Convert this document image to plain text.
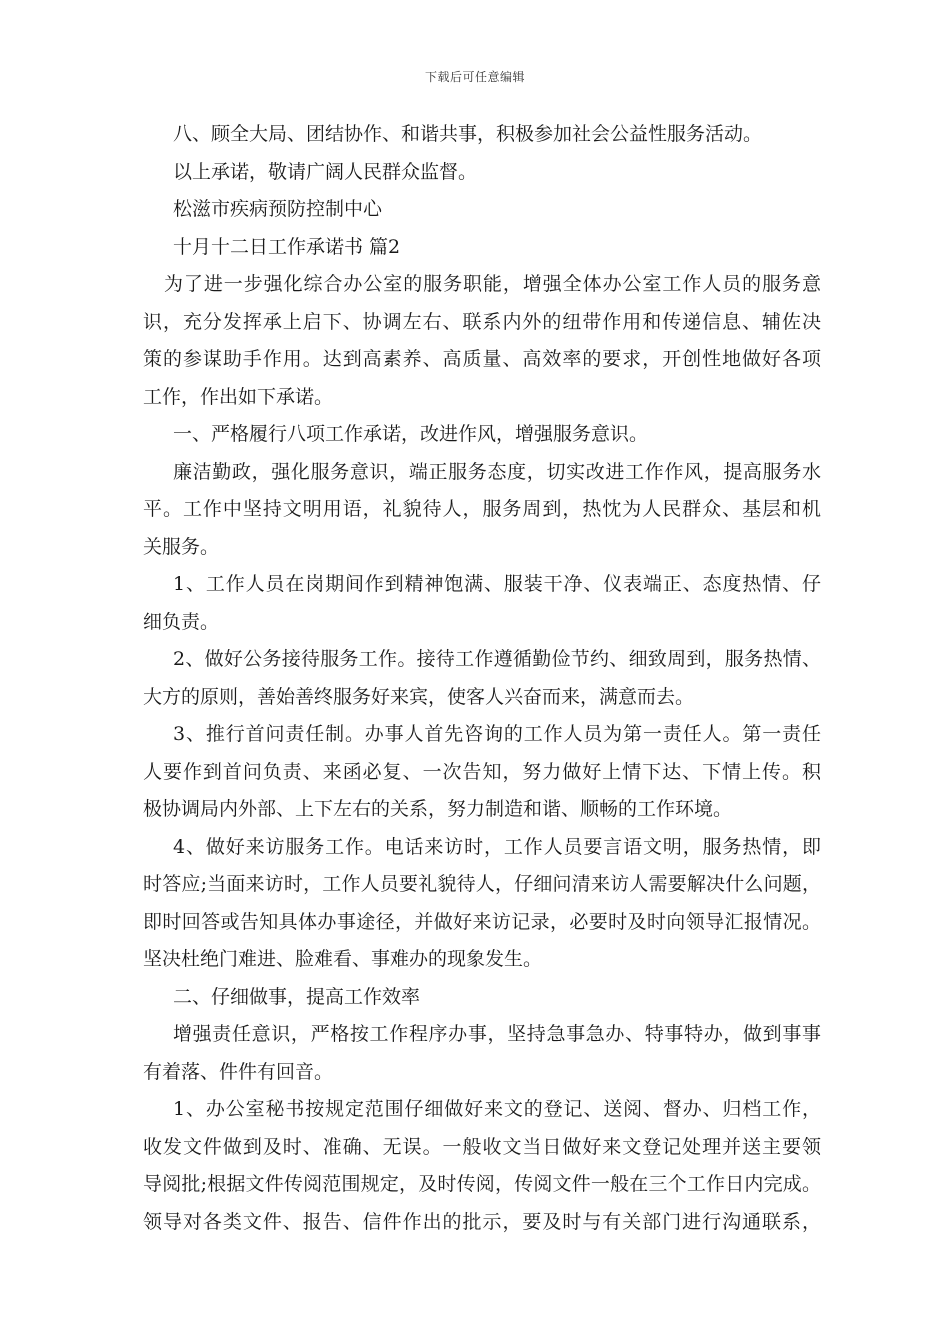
下载后可任意编辑
八、顾全大局、团结协作、和谐共事，积极参加社会公益性服务活动。
以上承诺，敬请广阔人民群众监督。
松滋市疾病预防控制中心
十月十二日工作承诺书 篇2
为了进一步强化综合办公室的服务职能，增强全体办公室工作人员的服务意
识，充分发挥承上启下、协调左右、联系内外的纽带作用和传递信息、辅佐决
策的参谋助手作用。达到高素养、高质量、高效率的要求，开创性地做好各项
工作，作出如下承诺。
一、严格履行八项工作承诺，改进作风，增强服务意识。
廉洁勤政，强化服务意识，端正服务态度，切实改进工作作风，提高服务水
平。工作中坚持文明用语，礼貌待人，服务周到，热忱为人民群众、基层和机
关服务。
1、工作人员在岗期间作到精神饱满、服装干净、仪表端正、态度热情、仔
细负责。
2、做好公务接待服务工作。接待工作遵循勤俭节约、细致周到，服务热情、
大方的原则，善始善终服务好来宾，使客人兴奋而来，满意而去。
3、推行首问责任制。办事人首先咨询的工作人员为第一责任人。第一责任
人要作到首问负责、来函必复、一次告知，努力做好上情下达、下情上传。积
极协调局内外部、上下左右的关系，努力制造和谐、顺畅的工作环境。
4、做好来访服务工作。电话来访时，工作人员要言语文明，服务热情，即
时答应;当面来访时，工作人员要礼貌待人，仔细问清来访人需要解决什么问题，
即时回答或告知具体办事途径，并做好来访记录，必要时及时向领导汇报情况。
坚决杜绝门难进、脸难看、事难办的现象发生。
二、仔细做事，提高工作效率
增强责任意识，严格按工作程序办事，坚持急事急办、特事特办，做到事事
有着落、件件有回音。
1、办公室秘书按规定范围仔细做好来文的登记、送阅、督办、归档工作，
收发文件做到及时、准确、无误。一般收文当日做好来文登记处理并送主要领
导阅批;根据文件传阅范围规定，及时传阅，传阅文件一般在三个工作日内完成。
领导对各类文件、报告、信件作出的批示，要及时与有关部门进行沟通联系，
